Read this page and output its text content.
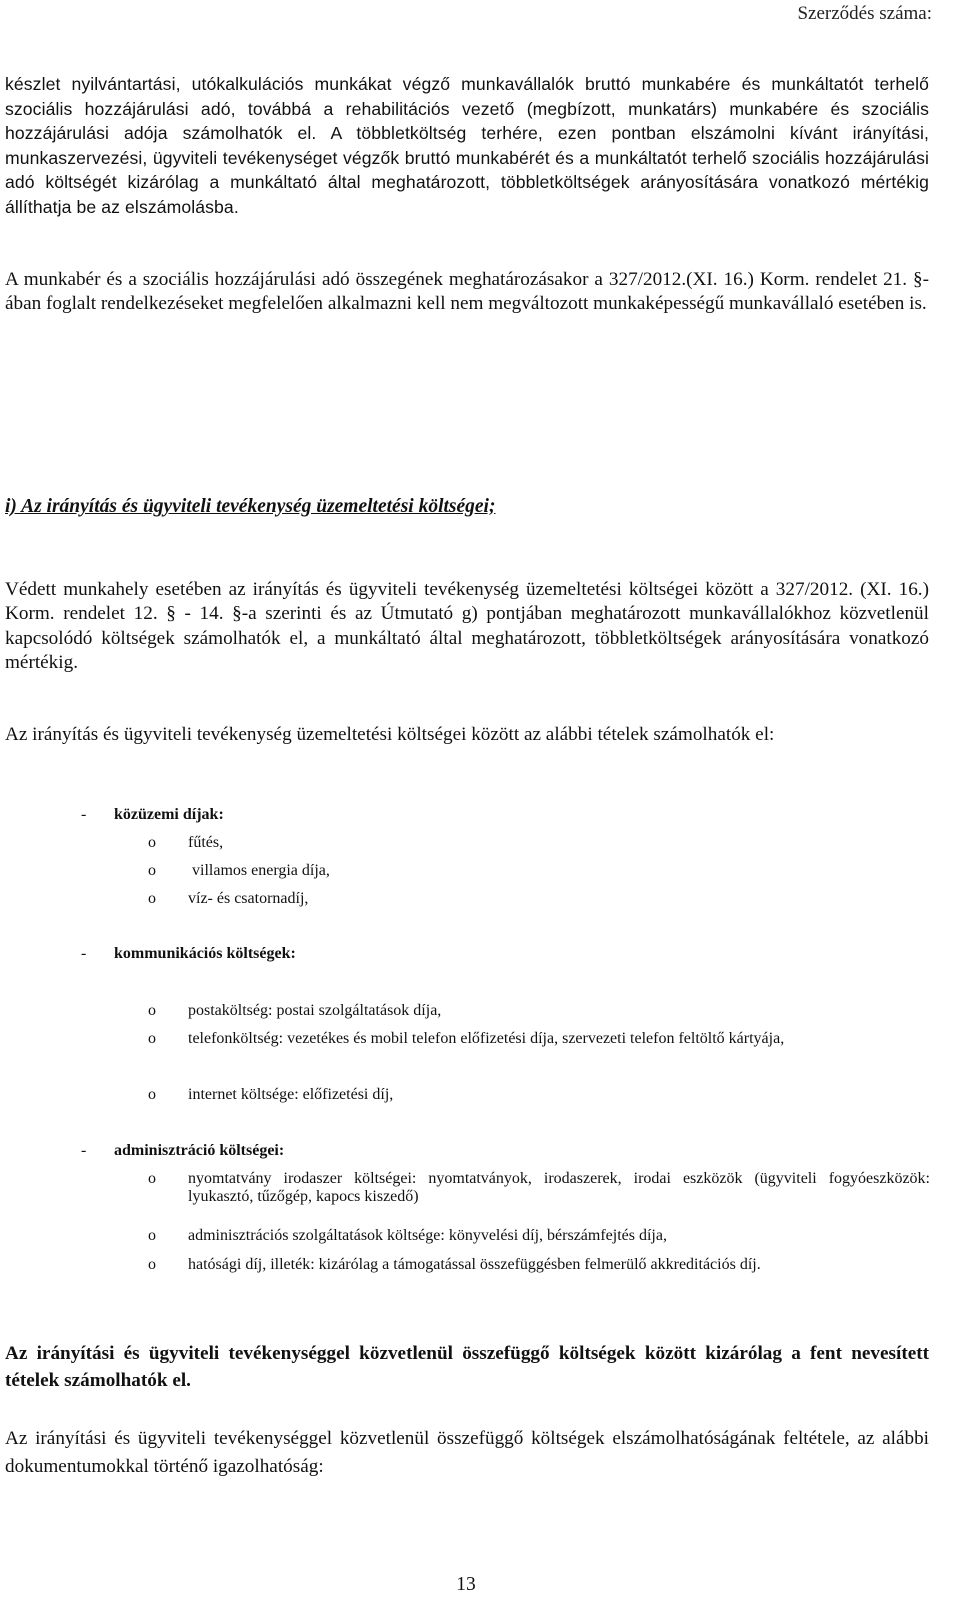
Szerződés száma:
készlet nyilvántartási, utókalkulációs munkákat végző munkavállalók bruttó munkabére és munkáltatót terhelő szociális hozzájárulási adó, továbbá a rehabilitációs vezető (megbízott, munkatárs) munkabére és szociális hozzájárulási adója számolhatók el. A többletköltség terhére, ezen pontban elszámolni kívánt irányítási, munkaszervezési, ügyviteli tevékenységet végzők bruttó munkabérét és a munkáltatót terhelő szociális hozzájárulási adó költségét kizárólag a munkáltató által meghatározott, többletköltségek arányosítására vonatkozó mértékig állíthatja be az elszámolásba.
A munkabér és a szociális hozzájárulási adó összegének meghatározásakor a 327/2012.(XI. 16.) Korm. rendelet 21. §-ában foglalt rendelkezéseket megfelelően alkalmazni kell nem megváltozott munkaképességű munkavállaló esetében is.
i) Az irányítás és ügyviteli tevékenység üzemeltetési költségei;
Védett munkahely esetében az irányítás és ügyviteli tevékenység üzemeltetési költségei között a 327/2012. (XI. 16.) Korm. rendelet 12. § - 14. §-a szerinti és az Útmutató g) pontjában meghatározott munkavállalókhoz közvetlenül kapcsolódó költségek számolhatók el, a munkáltató által meghatározott, többletköltségek arányosítására vonatkozó mértékig.
Az irányítás és ügyviteli tevékenység üzemeltetési költségei között az alábbi tételek számolhatók el:
- közüzemi díjak:
o fűtés,
o villamos energia díja,
o víz- és csatornadíj,
- kommunikációs költségek:
o postaköltség: postai szolgáltatások díja,
o telefonköltség: vezetékes és mobil telefon előfizetési díja, szervezeti telefon feltöltő kártyája,
o internet költsége: előfizetési díj,
- adminisztráció költségei:
o nyomtatvány irodaszer költségei: nyomtatványok, irodaszerek, irodai eszközök (ügyviteli fogyóeszközök: lyukasztó, tűzőgép, kapocs kiszedő)
o adminisztrációs szolgáltatások költsége: könyvelési díj, bérszámfejtés díja,
o hatósági díj, illeték: kizárólag a támogatással összefüggésben felmerülő akkreditációs díj.
Az irányítási és ügyviteli tevékenységgel közvetlenül összefüggő költségek között kizárólag a fent nevesített tételek számolhatók el.
Az irányítási és ügyviteli tevékenységgel közvetlenül összefüggő költségek elszámolhatóságának feltétele, az alábbi dokumentumokkal történő igazolhatóság:
13
